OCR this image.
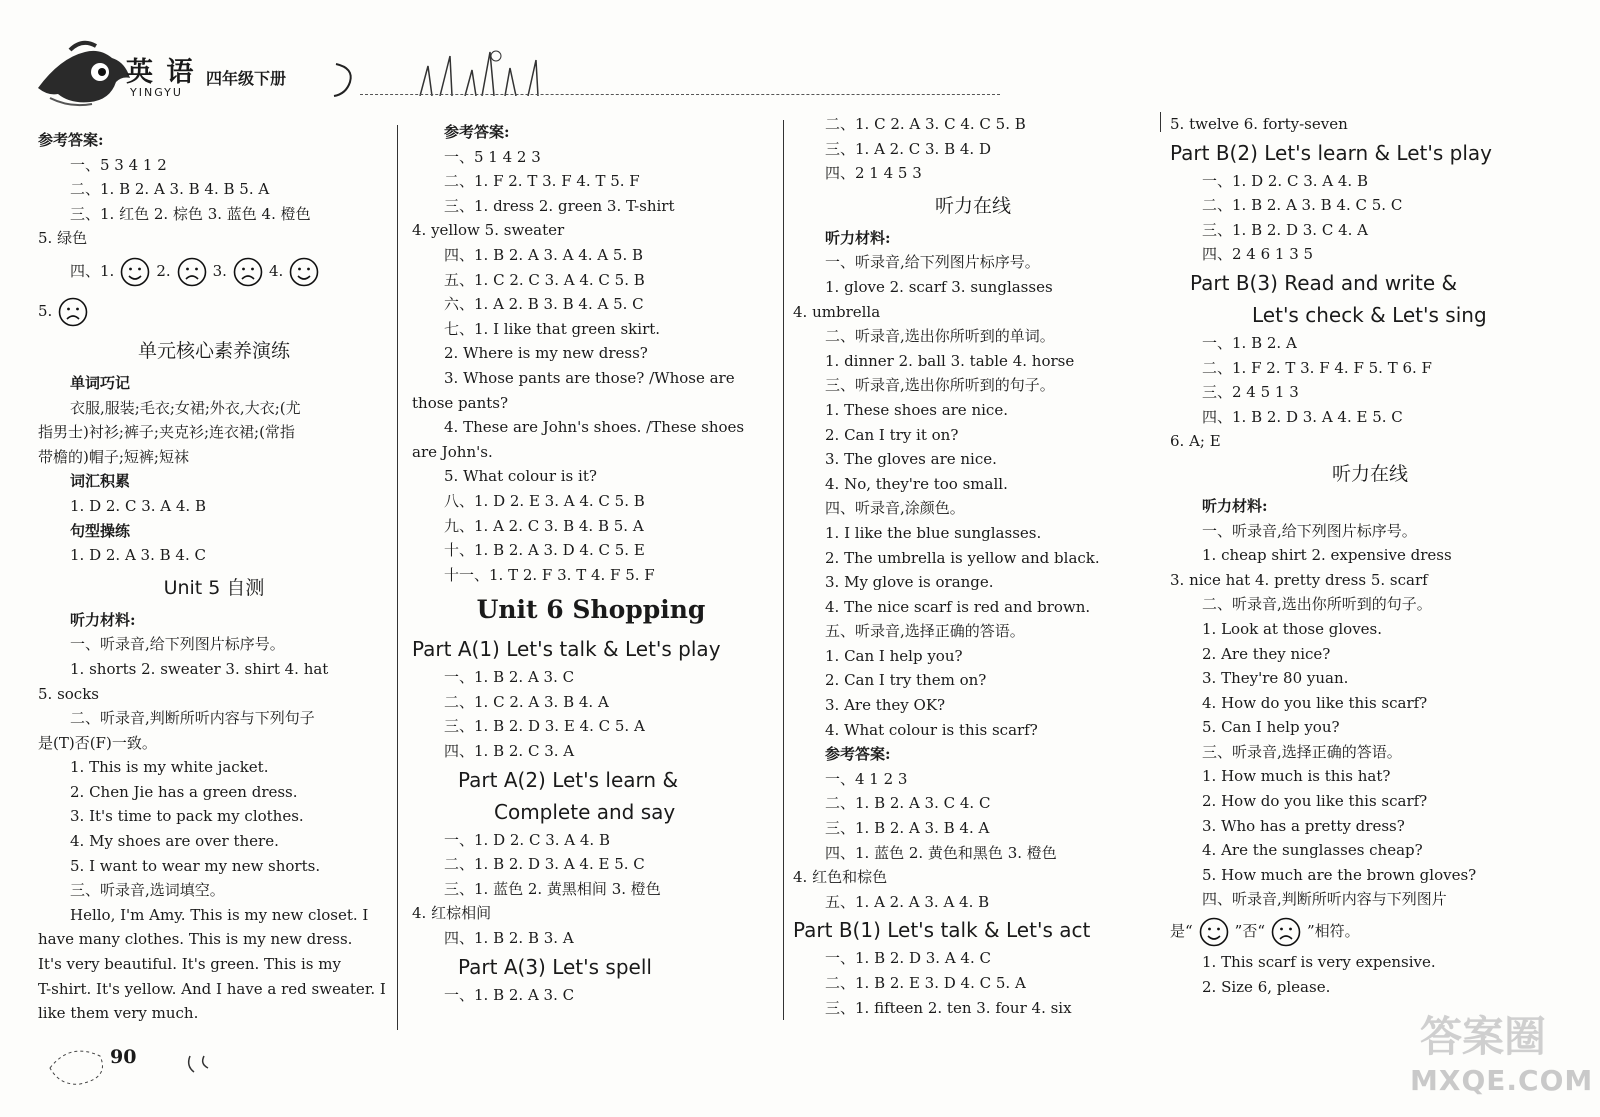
英 语
YINGYU
四年级下册
参考答案:
一、5 3 4 1 2
二、1. B 2. A 3. B 4. B 5. A
三、1. 红色 2. 棕色 3. 蓝色 4. 橙色
5. 绿色
四、1.	2.	3.	4.
5.
单元核心素养演练
单词巧记
衣服,服装;毛衣;女裙;外衣,大衣;(尤
指男士)衬衫;裤子;夹克衫;连衣裙;(常指
带檐的)帽子;短裤;短袜
词汇积累
1. D 2. C 3. A 4. B
句型操练
1. D 2. A 3. B 4. C
Unit 5 自测
听力材料:
一、听录音,给下列图片标序号。
1. shorts 2. sweater 3. shirt 4. hat
5. socks
二、听录音,判断所听内容与下列句子
是(T)否(F)一致。
1. This is my white jacket.
2. Chen Jie has a green dress.
3. It's time to pack my clothes.
4. My shoes are over there.
5. I want to wear my new shorts.
三、听录音,选词填空。
Hello, I'm Amy. This is my new closet. I
have many clothes. This is my new dress.
It's very beautiful. It's green. This is my
T-shirt. It's yellow. And I have a red sweater. I
like them very much.
参考答案:
一、5 1 4 2 3
二、1. F 2. T 3. F 4. T 5. F
三、1. dress 2. green 3. T-shirt
4. yellow 5. sweater
四、1. B 2. A 3. A 4. A 5. B
五、1. C 2. C 3. A 4. C 5. B
六、1. A 2. B 3. B 4. A 5. C
七、1. I like that green skirt.
2. Where is my new dress?
3. Whose pants are those? /Whose are
those pants?
4. These are John's shoes. /These shoes
are John's.
5. What colour is it?
八、1. D 2. E 3. A 4. C 5. B
九、1. A 2. C 3. B 4. B 5. A
十、1. B 2. A 3. D 4. C 5. E
十一、1. T 2. F 3. T 4. F 5. F
Unit 6 Shopping
Part A(1) Let's talk & Let's play
一、1. B 2. A 3. C
二、1. C 2. A 3. B 4. A
三、1. B 2. D 3. E 4. C 5. A
四、1. B 2. C 3. A
Part A(2) Let's learn &
Complete and say
一、1. D 2. C 3. A 4. B
二、1. B 2. D 3. A 4. E 5. C
三、1. 蓝色 2. 黄黑相间 3. 橙色
4. 红棕相间
四、1. B 2. B 3. A
Part A(3) Let's spell
一、1. B 2. A 3. C
二、1. C 2. A 3. C 4. C 5. B
三、1. A 2. C 3. B 4. D
四、2 1 4 5 3
听力在线
听力材料:
一、听录音,给下列图片标序号。
1. glove 2. scarf 3. sunglasses
4. umbrella
二、听录音,选出你所听到的单词。
1. dinner 2. ball 3. table 4. horse
三、听录音,选出你所听到的句子。
1. These shoes are nice.
2. Can I try it on?
3. The gloves are nice.
4. No, they're too small.
四、听录音,涂颜色。
1. I like the blue sunglasses.
2. The umbrella is yellow and black.
3. My glove is orange.
4. The nice scarf is red and brown.
五、听录音,选择正确的答语。
1. Can I help you?
2. Can I try them on?
3. Are they OK?
4. What colour is this scarf?
参考答案:
一、4 1 2 3
二、1. B 2. A 3. C 4. C
三、1. B 2. A 3. B 4. A
四、1. 蓝色 2. 黄色和黑色 3. 橙色
4. 红色和棕色
五、1. A 2. A 3. A 4. B
Part B(1) Let's talk & Let's act
一、1. B 2. D 3. A 4. C
二、1. B 2. E 3. D 4. C 5. A
三、1. fifteen 2. ten 3. four 4. six
5. twelve 6. forty-seven
Part B(2) Let's learn & Let's play
一、1. D 2. C 3. A 4. B
二、1. B 2. A 3. B 4. C 5. C
三、1. B 2. D 3. C 4. A
四、2 4 6 1 3 5
Part B(3) Read and write &
Let's check & Let's sing
一、1. B 2. A
二、1. F 2. T 3. F 4. F 5. T 6. F
三、2 4 5 1 3
四、1. B 2. D 3. A 4. E 5. C
6. A; E
听力在线
听力材料:
一、听录音,给下列图片标序号。
1. cheap shirt 2. expensive dress
3. nice hat 4. pretty dress 5. scarf
二、听录音,选出你所听到的句子。
1. Look at those gloves.
2. Are they nice?
3. They're 80 yuan.
4. How do you like this scarf?
5. Can I help you?
三、听录音,选择正确的答语。
1. How much is this hat?
2. How do you like this scarf?
3. Who has a pretty dress?
4. Are the sunglasses cheap?
5. How much are the brown gloves?
四、听录音,判断所听内容与下列图片
是“	”否“	”相符。
1. This scarf is very expensive.
2. Size 6, please.
90	答案圈
MXQE.COM
